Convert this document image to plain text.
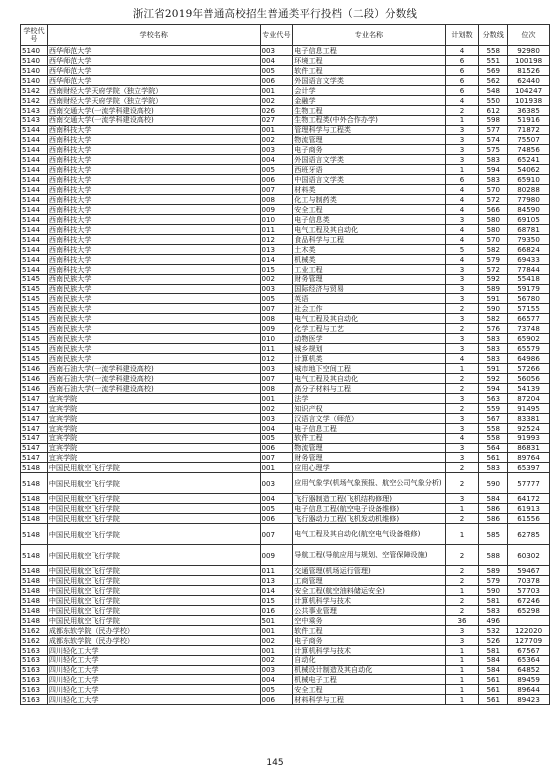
浙江省2019年普通高校招生普通类平行投档（二段）分数线
学校代号	学校名称	专业代号	专业名称	计划数	分数线	位次
5140	西华师范大学	003	电子信息工程	4	558	92980
5140	西华师范大学	004	环境工程	6	551	100198
5140	西华师范大学	005	软件工程	6	569	81526
5140	西华师范大学	006	外国语言文学类	6	562	62440
5142	西南财经大学天府学院（独立学院）	001	会计学	6	548	104247
5142	西南财经大学天府学院（独立学院）	002	金融学	4	550	101938
5143	西南交通大学(一流学科建设高校)	026	生物工程	2	612	36385
5143	西南交通大学(一流学科建设高校)	027	生物工程类(中外合作办学)	1	598	51916
5144	西南科技大学	001	管理科学与工程类	3	577	71872
5144	西南科技大学	002	物流管理	3	574	75507
5144	西南科技大学	003	电子商务	3	575	74856
5144	西南科技大学	004	外国语言文学类	3	583	65241
5144	西南科技大学	005	西班牙语	1	594	54062
5144	西南科技大学	006	中国语言文学类	6	583	65910
5144	西南科技大学	007	材料类	4	570	80288
5144	西南科技大学	008	化工与制药类	4	572	77980
5144	西南科技大学	009	安全工程	4	566	84590
5144	西南科技大学	010	电子信息类	3	580	69105
5144	西南科技大学	011	电气工程及其自动化	4	580	68781
5144	西南科技大学	012	食品科学与工程	4	570	79350
5144	西南科技大学	013	土木类	5	582	66824
5144	西南科技大学	014	机械类	4	579	69433
5144	西南科技大学	015	工业工程	3	572	77844
5145	西南民族大学	002	财务管理	3	592	55418
5145	西南民族大学	003	国际经济与贸易	3	589	59179
5145	西南民族大学	005	英语	3	591	56780
5145	西南民族大学	007	社会工作	2	590	57155
5145	西南民族大学	008	电气工程及其自动化	3	582	66577
5145	西南民族大学	009	化学工程与工艺	2	576	73748
5145	西南民族大学	010	动物医学	3	583	65902
5145	西南民族大学	011	城乡规划	3	583	65579
5145	西南民族大学	012	计算机类	4	583	64986
5146	西南石油大学(一流学科建设高校)	003	城市地下空间工程	1	591	57266
5146	西南石油大学(一流学科建设高校)	007	电气工程及其自动化	2	592	56056
5146	西南石油大学(一流学科建设高校)	008	高分子材料与工程	2	594	54139
5147	宜宾学院	001	法学	3	563	87204
5147	宜宾学院	002	知识产权	2	559	91495
5147	宜宾学院	003	汉语言文学（师范）	3	567	83381
5147	宜宾学院	004	电子信息工程	3	558	92524
5147	宜宾学院	005	软件工程	4	558	91993
5147	宜宾学院	006	物流管理	3	564	86831
5147	宜宾学院	007	财务管理	3	561	89764
5148	中国民用航空飞行学院	001	应用心理学	2	583	65397
5148	中国民用航空飞行学院	003	应用气象学(机场气象预报、航空公司气象分析)	2	590	57777
5148	中国民用航空飞行学院	004	飞行器制造工程(飞机结构修理)	3	584	64172
5148	中国民用航空飞行学院	005	电子信息工程(航空电子设备维修)	1	586	61913
5148	中国民用航空飞行学院	006	飞行器动力工程(飞机发动机维修)	2	586	61556
5148	中国民用航空飞行学院	007	电气工程及其自动化(航空电气设备维修)	1	585	62785
5148	中国民用航空飞行学院	009	导航工程(导航应用与规划、空管保障设施)	2	588	60302
5148	中国民用航空飞行学院	011	交通管理(机场运行管理)	2	589	59467
5148	中国民用航空飞行学院	013	工商管理	2	579	70378
5148	中国民用航空飞行学院	014	安全工程(航空油料储运安全)	1	590	57703
5148	中国民用航空飞行学院	015	计算机科学与技术	2	581	67246
5148	中国民用航空飞行学院	016	公共事业管理	2	583	65298
5148	中国民用航空飞行学院	501	空中乘务	36	496	
5162	成都东软学院（民办学校）	001	软件工程	3	532	122020
5162	成都东软学院（民办学校）	002	电子商务	3	526	127709
5163	四川轻化工大学	001	计算机科学与技术	1	581	67567
5163	四川轻化工大学	002	自动化	1	584	65364
5163	四川轻化工大学	003	机械设计制造及其自动化	1	584	64852
5163	四川轻化工大学	004	机械电子工程	1	561	89459
5163	四川轻化工大学	005	安全工程	1	561	89644
5163	四川轻化工大学	006	材料科学与工程	1	561	89423
145
